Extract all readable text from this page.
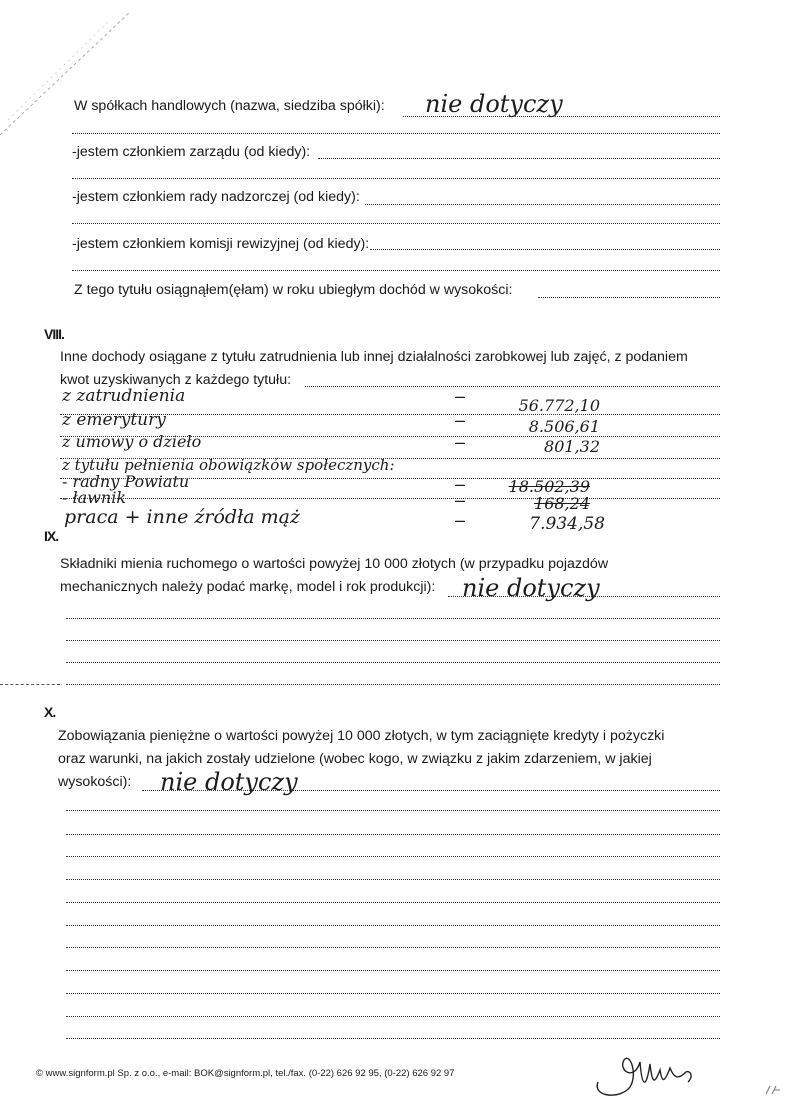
W spółkach handlowych (nazwa, siedziba spółki): nie dotyczy
-jestem członkiem zarządu (od kiedy):
-jestem członkiem rady nadzorczej (od kiedy):
-jestem członkiem komisji rewizyjnej (od kiedy):
Z tego tytułu osiągnąłem(ęłam) w roku ubiegłym dochód w wysokości:
VIII.
Inne dochody osiągane z tytułu zatrudnienia lub innej działalności zarobkowej lub zajęć, z podaniem
kwot uzyskiwanych z każdego tytułu:
z zatrudnienia	–	56.772,10
z emerytury	–	8.506,61
z umowy o dzieło	–	801,32
z tytułu pełnienia obowiązków społecznych:
- radny Powiatu	–	18.502,39
- ławnik	–	168,24
praca + inne źródła mąż	–	7.934,58
IX.
Składniki mienia ruchomego o wartości powyżej 10 000 złotych (w przypadku pojazdów
mechanicznych należy podać markę, model i rok produkcji): nie dotyczy
X.
Zobowiązania pieniężne o wartości powyżej 10 000 złotych, w tym zaciągnięte kredyty i pożyczki
oraz warunki, na jakich zostały udzielone (wobec kogo, w związku z jakim zdarzeniem, w jakiej
wysokości): nie dotyczy
© www.signform.pl Sp. z o.o., e-mail: BOK@signform.pl, tel./fax. (0-22) 626 92 95, (0-22) 626 92 97
